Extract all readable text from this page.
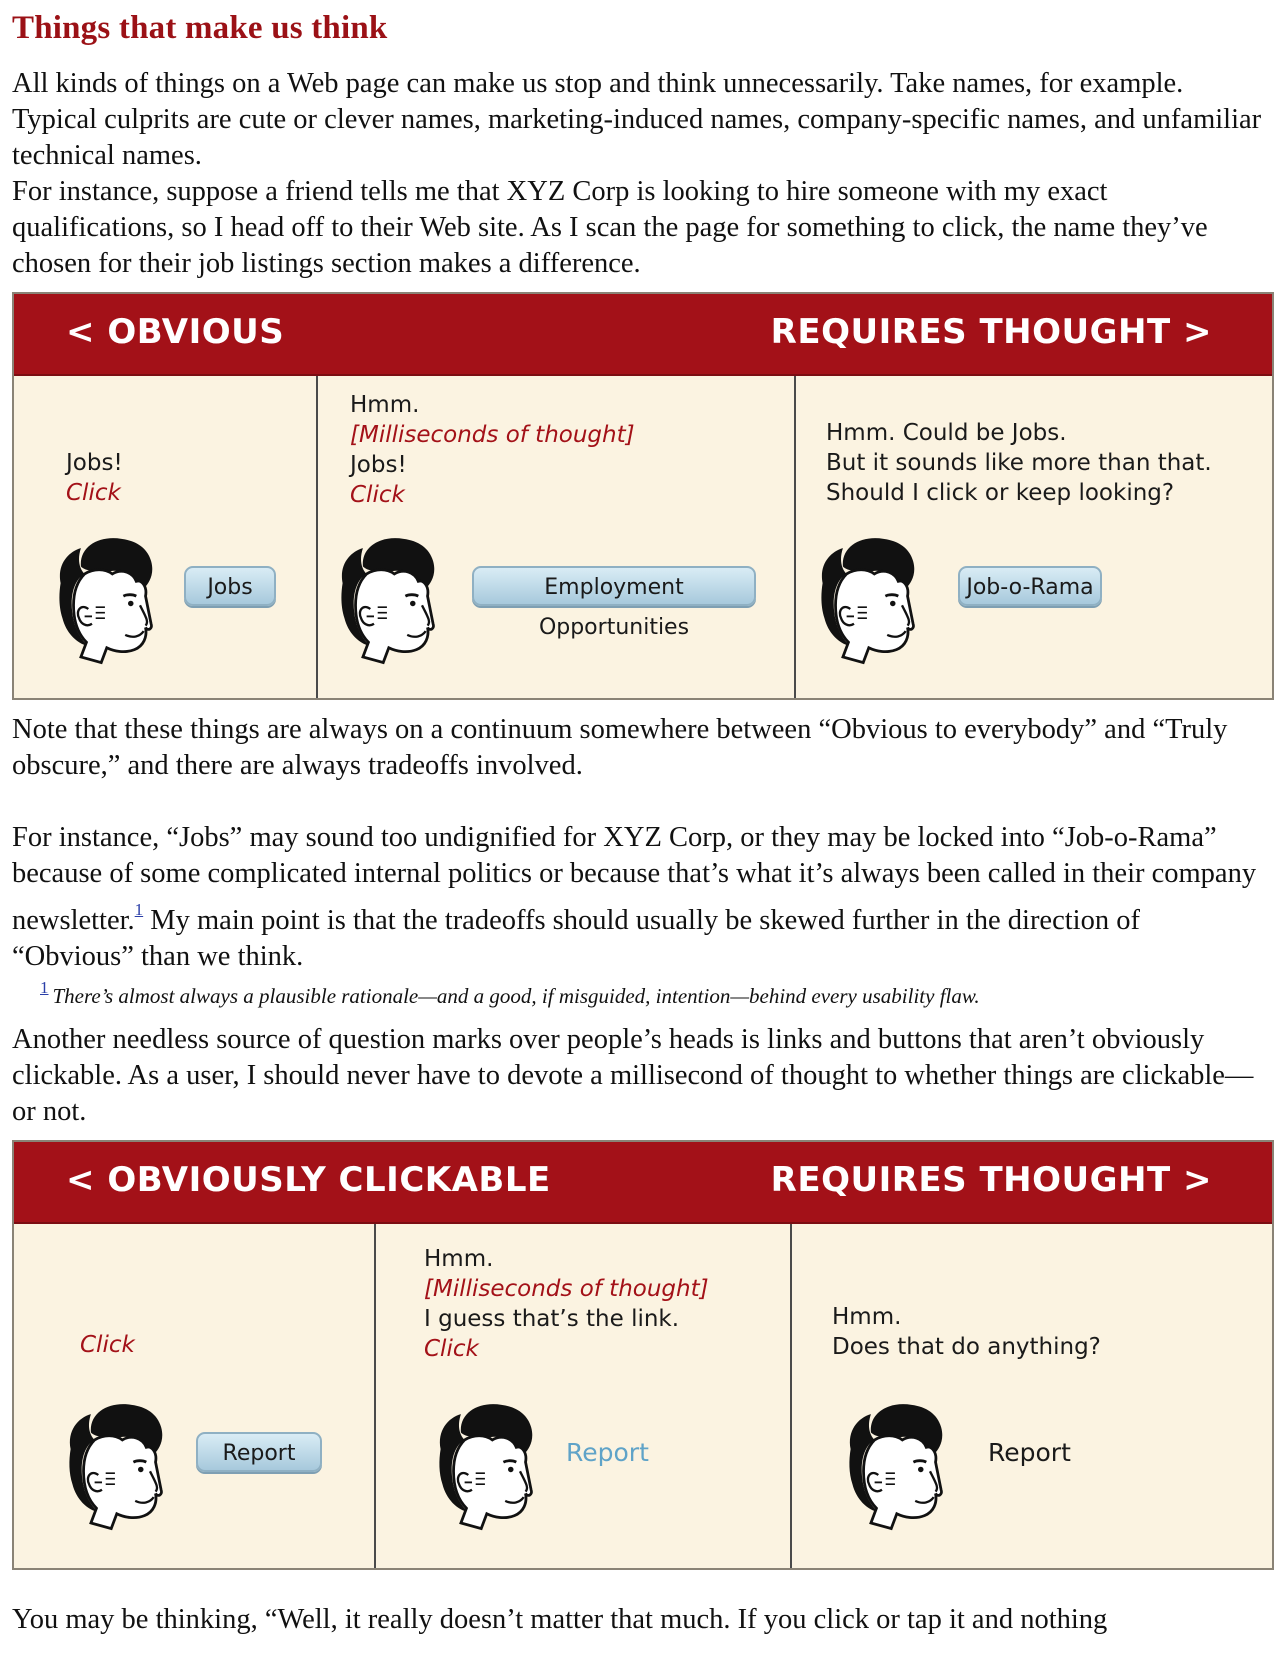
Things that make us think

All kinds of things on a Web page can make us stop and think unnecessarily. Take names, for example. Typical culprits are cute or clever names, marketing-induced names, company-specific names, and unfamiliar technical names.

For instance, suppose a friend tells me that XYZ Corp is looking to hire someone with my exact qualifications, so I head off to their Web site. As I scan the page for something to click, the name they’ve chosen for their job listings section makes a difference.

< OBVIOUS	REQUIRES THOUGHT >
Jobs!
Click
Jobs
Hmm.
[Milliseconds of thought]
Jobs!
Click
Employment Opportunities
Hmm. Could be Jobs.
But it sounds like more than that.
Should I click or keep looking?
Job-o-Rama

Note that these things are always on a continuum somewhere between “Obvious to everybody” and “Truly obscure,” and there are always tradeoffs involved.

For instance, “Jobs” may sound too undignified for XYZ Corp, or they may be locked into “Job-o-Rama” because of some complicated internal politics or because that’s what it’s always been called in their company newsletter.$^1$ My main point is that the tradeoffs should usually be skewed further in the direction of “Obvious” than we think.

$^1$ There’s almost always a plausible rationale—and a good, if misguided, intention—behind every usability flaw.

Another needless source of question marks over people’s heads is links and buttons that aren’t obviously clickable. As a user, I should never have to devote a millisecond of thought to whether things are clickable—or not.

< OBVIOUSLY CLICKABLE	REQUIRES THOUGHT >
Click
Report
Hmm.
[Milliseconds of thought]
I guess that’s the link.
Click
Report
Hmm.
Does that do anything?
Report

You may be thinking, “Well, it really doesn’t matter that much. If you click or tap it and nothing
